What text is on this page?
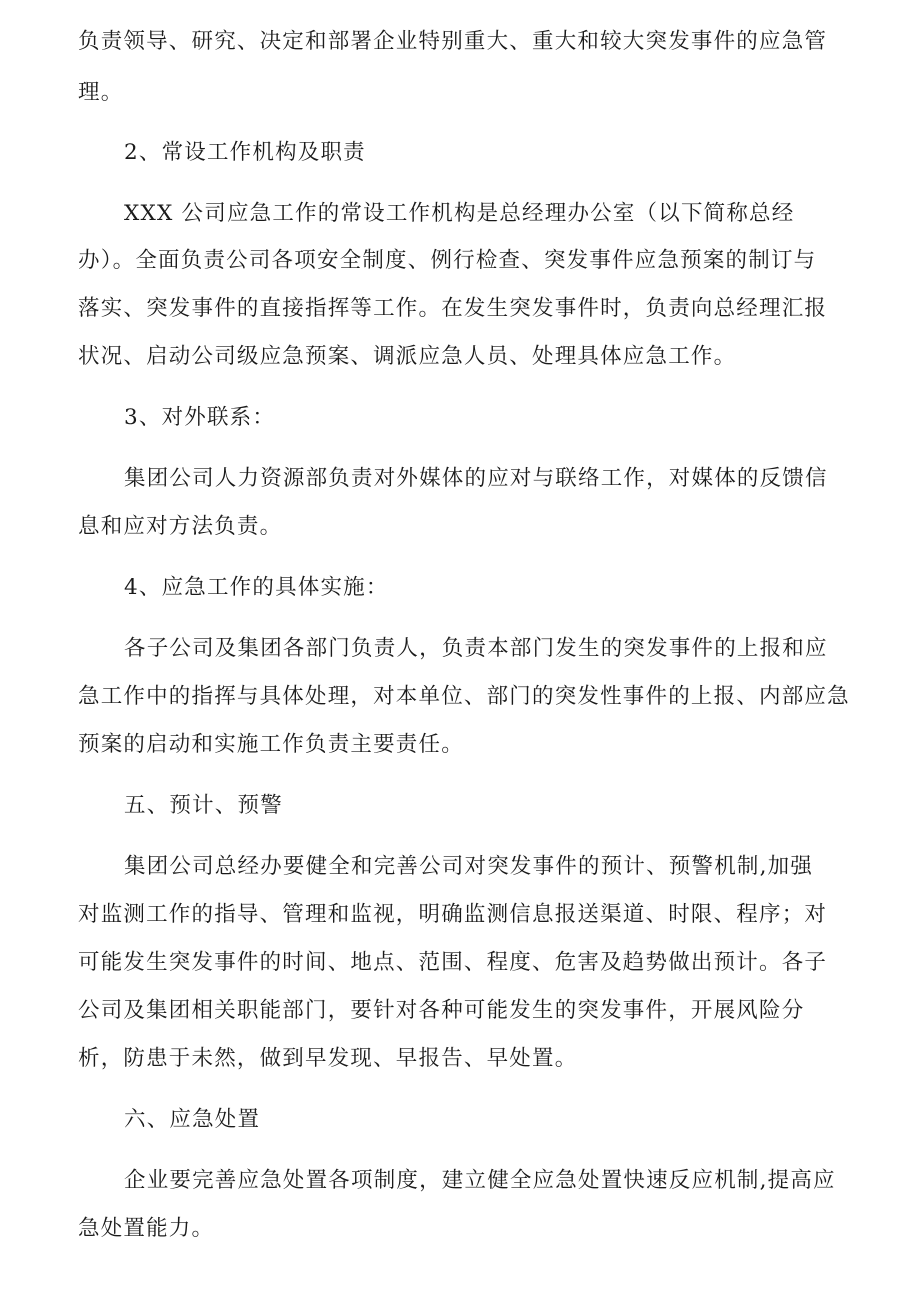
负责领导、研究、决定和部署企业特别重大、重大和较大突发事件的应急管
理。
2、常设工作机构及职责
XXX 公司应急工作的常设工作机构是总经理办公室（以下简称总经
办）。全面负责公司各项安全制度、例行检查、突发事件应急预案的制订与
落实、突发事件的直接指挥等工作。在发生突发事件时，负责向总经理汇报
状况、启动公司级应急预案、调派应急人员、处理具体应急工作。
3、对外联系：
集团公司人力资源部负责对外媒体的应对与联络工作，对媒体的反馈信
息和应对方法负责。
4、应急工作的具体实施：
各子公司及集团各部门负责人，负责本部门发生的突发事件的上报和应
急工作中的指挥与具体处理，对本单位、部门的突发性事件的上报、内部应急
预案的启动和实施工作负责主要责任。
五、预计、预警
集团公司总经办要健全和完善公司对突发事件的预计、预警机制,加强
对监测工作的指导、管理和监视，明确监测信息报送渠道、时限、程序；对
可能发生突发事件的时间、地点、范围、程度、危害及趋势做出预计。各子
公司及集团相关职能部门，要针对各种可能发生的突发事件，开展风险分
析，防患于未然，做到早发现、早报告、早处置。
六、应急处置
企业要完善应急处置各项制度，建立健全应急处置快速反应机制,提高应
急处置能力。
